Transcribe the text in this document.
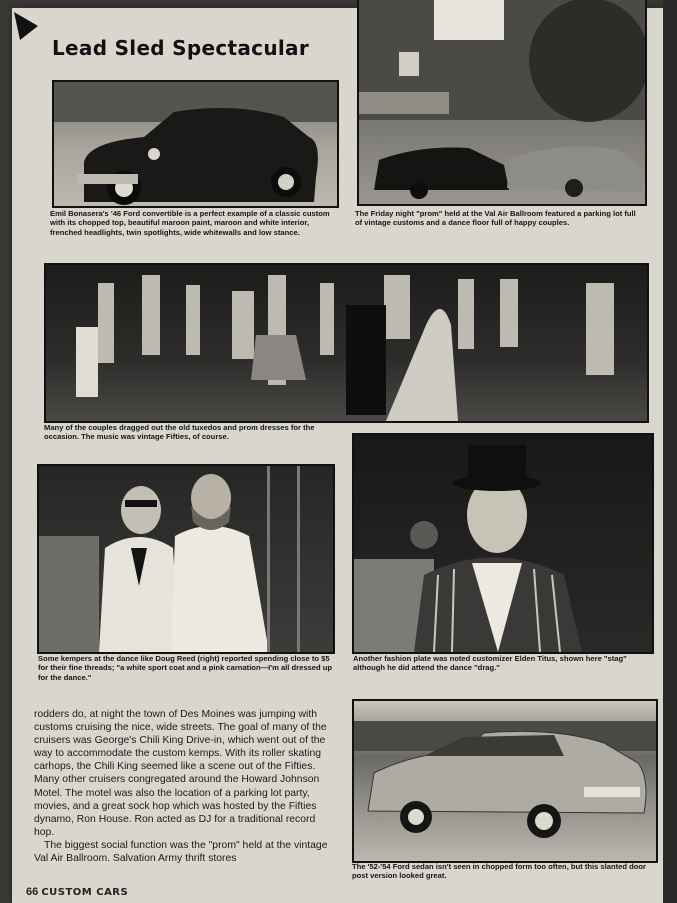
Lead Sled Spectacular
Emil Bonasera's '46 Ford convertible is a perfect example of a classic custom with its chopped top, beautiful maroon paint, maroon and white interior, frenched headlights, twin spotlights, wide whitewalls and low stance.
The Friday night "prom" held at the Val Air Ballroom featured a parking lot full of vintage customs and a dance floor full of happy couples.
Many of the couples dragged out the old tuxedos and prom dresses for the occasion. The music was vintage Fifties, of course.
Some kempers at the dance like Doug Reed (right) reported spending close to $5 for their fine threads; "a white sport coat and a pink carnation—I'm all dressed up for the dance."
Another fashion plate was noted customizer Elden Titus, shown here "stag" although he did attend the dance "drag."

rodders do, at night the town of Des Moines was jumping with customs cruising the nice, wide streets. The goal of many of the cruisers was George's Chili King Drive-in, which went out of the way to accommodate the custom kemps. With its roller skating carhops, the Chili King seemed like a scene out of the Fifties. Many other cruisers congregated around the Howard Johnson Motel. The motel was also the location of a parking lot party, movies, and a great sock hop which was hosted by the Fifties dynamo, Ron House. Ron acted as DJ for a traditional record hop.

The biggest social function was the "prom" held at the vintage Val Air Ballroom. Salvation Army thrift stores

The '52-'54 Ford sedan isn't seen in chopped form too often, but this slanted door post version looked great.
66 CUSTOM CARS
